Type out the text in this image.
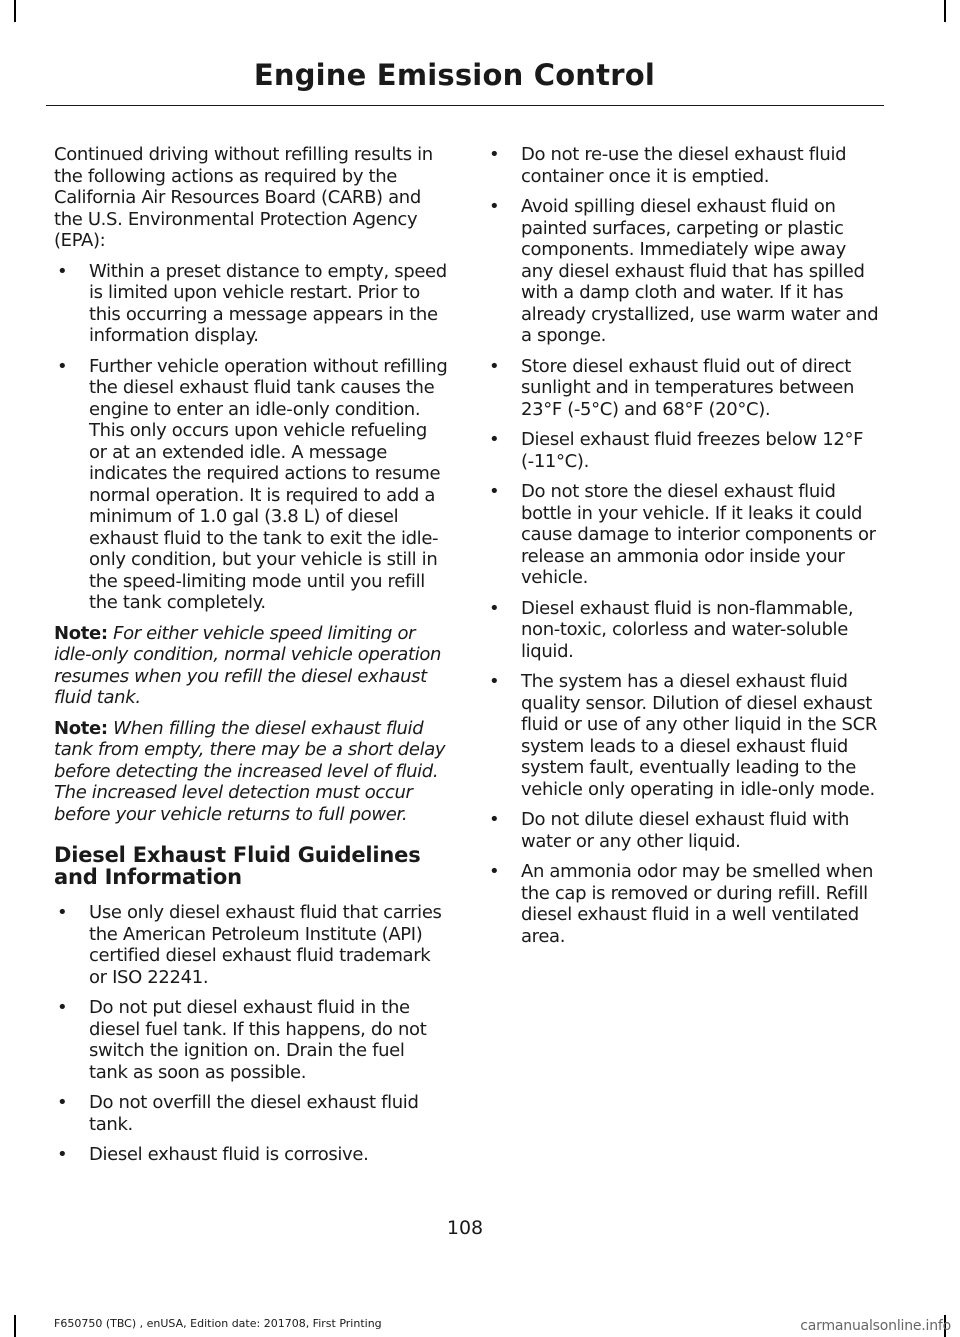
Engine Emission Control

Continued driving without refilling results in the following actions as required by the California Air Resources Board (CARB) and the U.S. Environmental Protection Agency (EPA):

• Within a preset distance to empty, speed is limited upon vehicle restart. Prior to this occurring a message appears in the information display.
• Further vehicle operation without refilling the diesel exhaust fluid tank causes the engine to enter an idle-only condition. This only occurs upon vehicle refueling or at an extended idle. A message indicates the required actions to resume normal operation. It is required to add a minimum of 1.0 gal (3.8 L) of diesel exhaust fluid to the tank to exit the idle-only condition, but your vehicle is still in the speed-limiting mode until you refill the tank completely.

Note: For either vehicle speed limiting or idle-only condition, normal vehicle operation resumes when you refill the diesel exhaust fluid tank.

Note: When filling the diesel exhaust fluid tank from empty, there may be a short delay before detecting the increased level of fluid. The increased level detection must occur before your vehicle returns to full power.

Diesel Exhaust Fluid Guidelines and Information
• Use only diesel exhaust fluid that carries the American Petroleum Institute (API) certified diesel exhaust fluid trademark or ISO 22241.
• Do not put diesel exhaust fluid in the diesel fuel tank. If this happens, do not switch the ignition on. Drain the fuel tank as soon as possible.
• Do not overfill the diesel exhaust fluid tank.
• Diesel exhaust fluid is corrosive.
• Do not re-use the diesel exhaust fluid container once it is emptied.
• Avoid spilling diesel exhaust fluid on painted surfaces, carpeting or plastic components. Immediately wipe away any diesel exhaust fluid that has spilled with a damp cloth and water. If it has already crystallized, use warm water and a sponge.
• Store diesel exhaust fluid out of direct sunlight and in temperatures between 23°F (-5°C) and 68°F (20°C).
• Diesel exhaust fluid freezes below 12°F (-11°C).
• Do not store the diesel exhaust fluid bottle in your vehicle. If it leaks it could cause damage to interior components or release an ammonia odor inside your vehicle.
• Diesel exhaust fluid is non-flammable, non-toxic, colorless and water-soluble liquid.
• The system has a diesel exhaust fluid quality sensor. Dilution of diesel exhaust fluid or use of any other liquid in the SCR system leads to a diesel exhaust fluid system fault, eventually leading to the vehicle only operating in idle-only mode.
• Do not dilute diesel exhaust fluid with water or any other liquid.
• An ammonia odor may be smelled when the cap is removed or during refill. Refill diesel exhaust fluid in a well ventilated area.
108
F650750 (TBC) , enUSA, Edition date: 201708, First Printing	carmanualsonline.info
